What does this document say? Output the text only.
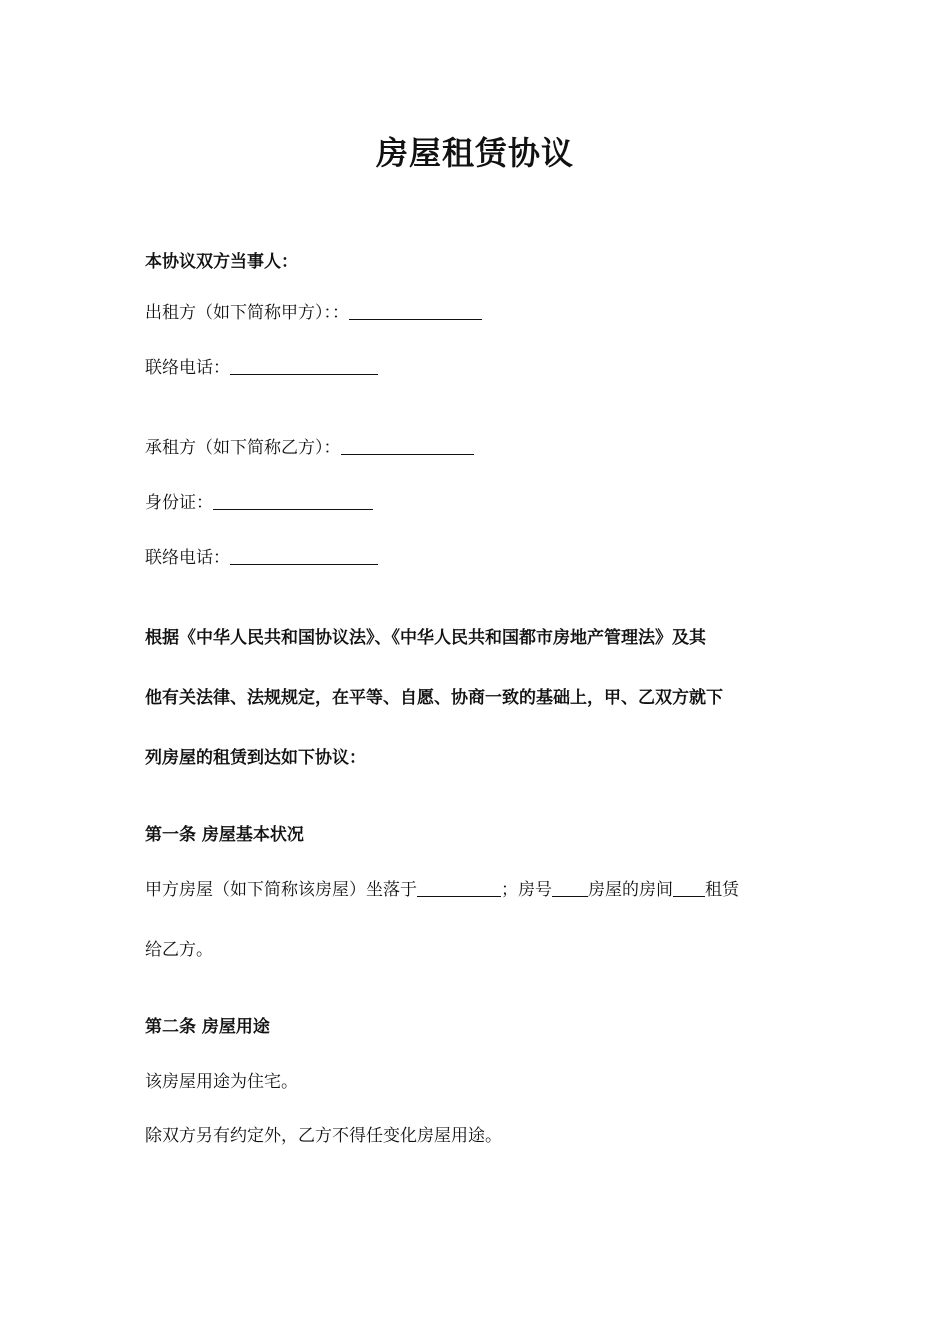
房屋租赁协议
本协议双方当事人：
出租方（如下简称甲方）：：
联络电话：
承租方（如下简称乙方）：
身份证：
联络电话：
根据《中华人民共和国协议法》、《中华人民共和国都市房地产管理法》及其
他有关法律、法规规定，在平等、自愿、协商一致的基础上，甲、乙双方就下
列房屋的租赁到达如下协议：
第一条 房屋基本状况
甲方房屋（如下简称该房屋）坐落于	；房号 房屋的房间 租赁
给乙方。
第二条 房屋用途
该房屋用途为住宅。
除双方另有约定外，乙方不得任变化房屋用途。
